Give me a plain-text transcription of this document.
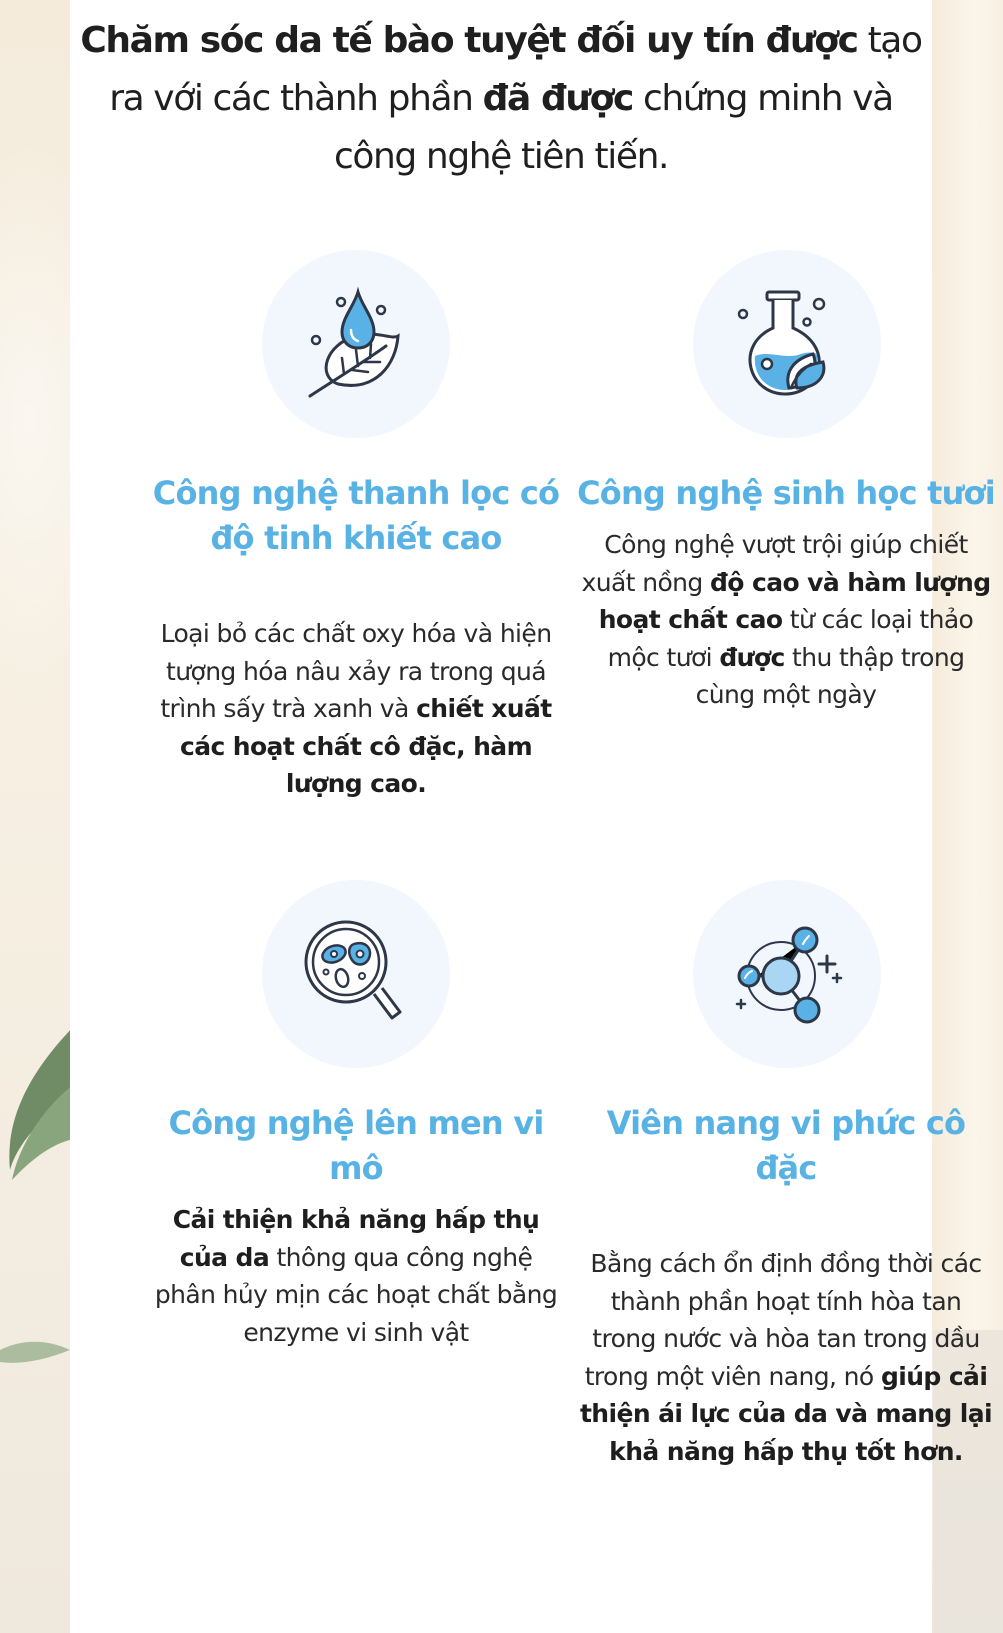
Chăm sóc da tế bào tuyệt đối uy tín được tạo ra với các thành phần đã được chứng minh và công nghệ tiên tiến.
Công nghệ thanh lọc có độ tinh khiết cao

Loại bỏ các chất oxy hóa và hiện tượng hóa nâu xảy ra trong quá trình sấy trà xanh và chiết xuất các hoạt chất cô đặc, hàm lượng cao.

Công nghệ sinh học tươi

Công nghệ vượt trội giúp chiết xuất nồng độ cao và hàm lượng hoạt chất cao từ các loại thảo mộc tươi được thu thập trong cùng một ngày

Công nghệ lên men vi mô

Cải thiện khả năng hấp thụ của da thông qua công nghệ phân hủy mịn các hoạt chất bằng enzyme vi sinh vật

Viên nang vi phức cô đặc

Bằng cách ổn định đồng thời các thành phần hoạt tính hòa tan trong nước và hòa tan trong dầu trong một viên nang, nó giúp cải thiện ái lực của da và mang lại khả năng hấp thụ tốt hơn.
